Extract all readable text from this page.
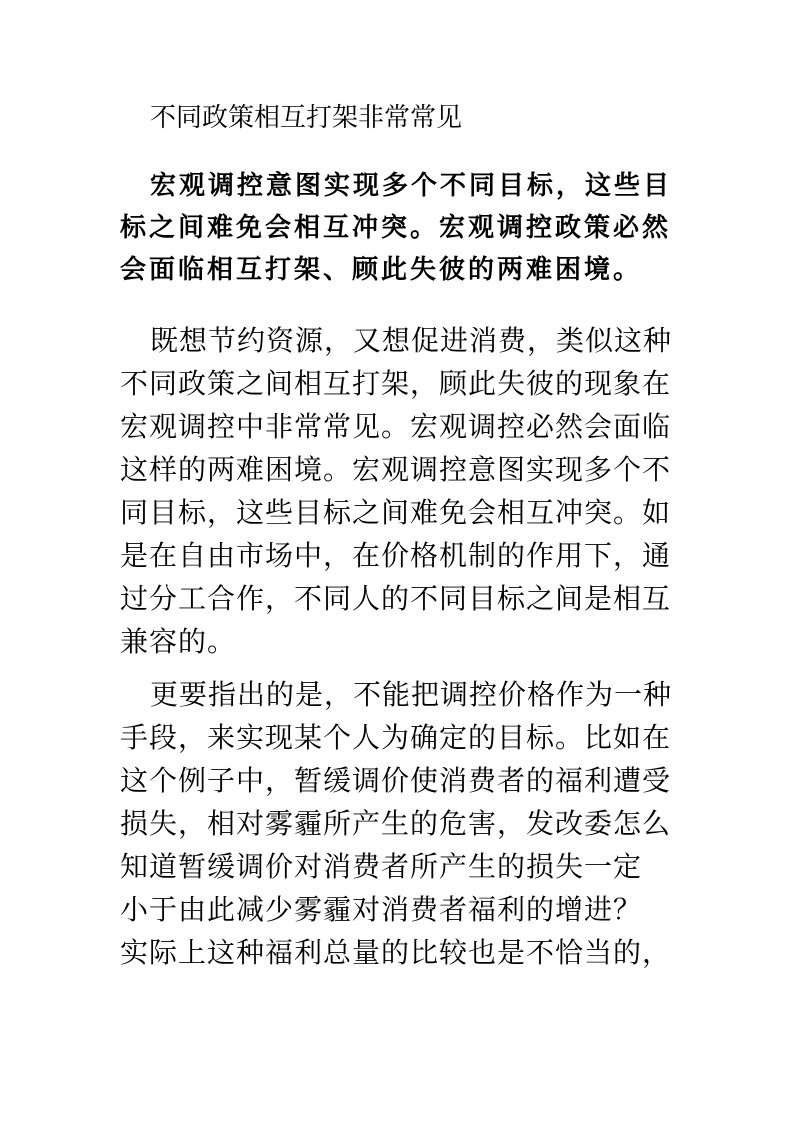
不同政策相互打架非常常见
宏观调控意图实现多个不同目标，这些目
标之间难免会相互冲突。宏观调控政策必然
会面临相互打架、顾此失彼的两难困境。
既想节约资源，又想促进消费，类似这种
不同政策之间相互打架，顾此失彼的现象在
宏观调控中非常常见。宏观调控必然会面临
这样的两难困境。宏观调控意图实现多个不
同目标，这些目标之间难免会相互冲突。如
是在自由市场中，在价格机制的作用下，通
过分工合作，不同人的不同目标之间是相互
兼容的。
更要指出的是，不能把调控价格作为一种
手段，来实现某个人为确定的目标。比如在
这个例子中，暂缓调价使消费者的福利遭受
损失，相对雾霾所产生的危害，发改委怎么
知道暂缓调价对消费者所产生的损失一定
小于由此减少雾霾对消费者福利的增进？
实际上这种福利总量的比较也是不恰当的，
